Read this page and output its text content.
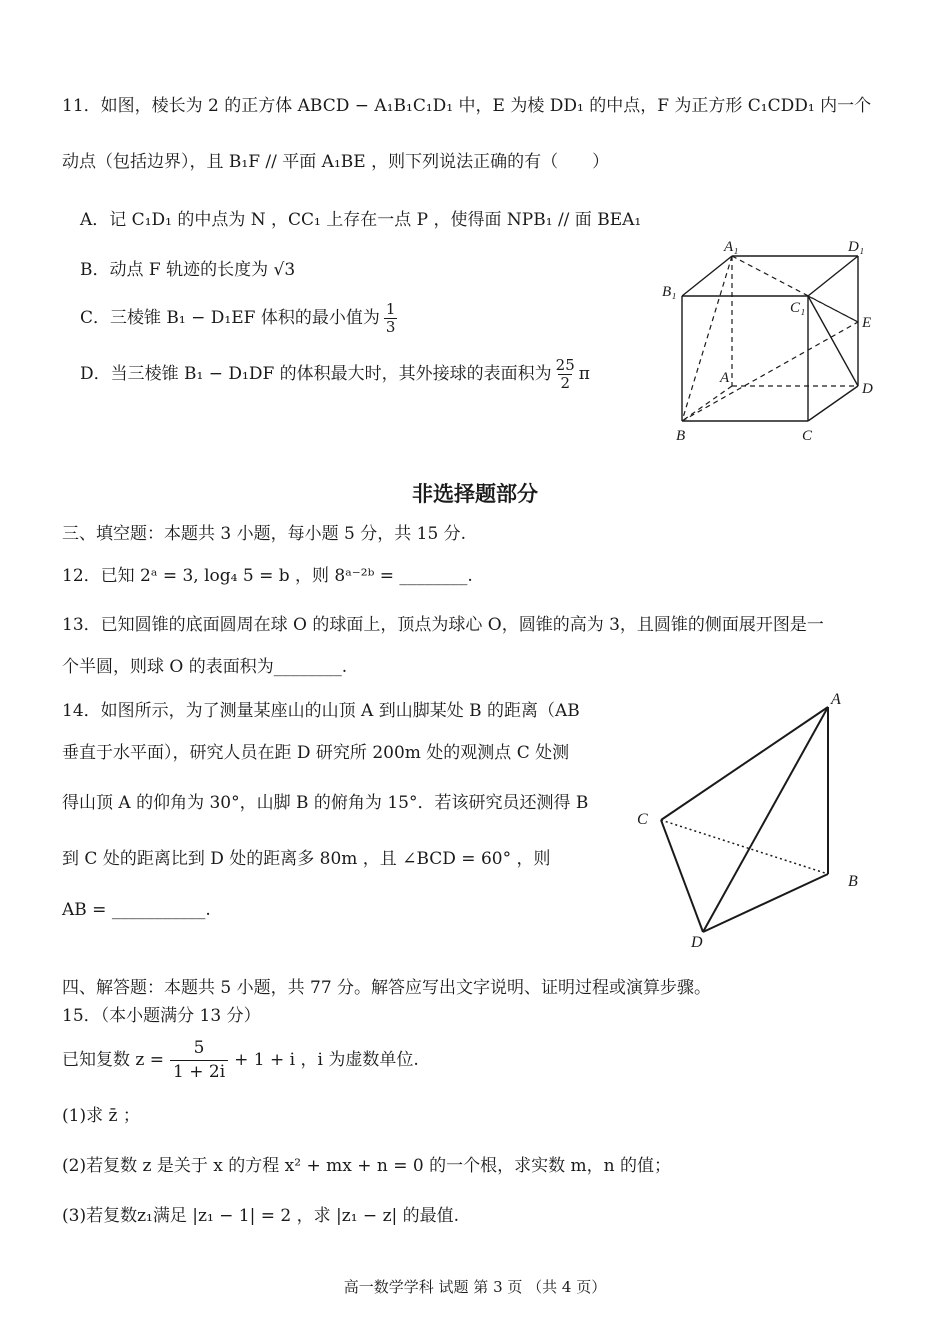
11．如图，棱长为 2 的正方体 ABCD − A₁B₁C₁D₁ 中，E 为棱 DD₁ 的中点，F 为正方形 C₁CDD₁ 内一个
动点（包括边界），且 B₁F // 平面 A₁BE ，则下列说法正确的有（　　）
A．记 C₁D₁ 的中点为 N ，CC₁ 上存在一点 P ，使得面 NPB₁ // 面 BEA₁
B．动点 F 轨迹的长度为 √3
C．三棱锥 B₁ − D₁EF 体积的最小值为 $\frac{1}{3}$
D．当三棱锥 B₁ − D₁DF 的体积最大时，其外接球的表面积为 $\frac{25}{2}$ π
A₁	D₁
B₁
C₁
E
A
D
B	C
非选择题部分
三、填空题：本题共 3 小题，每小题 5 分，共 15 分.
12．已知 2ᵃ = 3, log₄ 5 = b ，则 8ᵃ⁻²ᵇ = ________.
13．已知圆锥的底面圆周在球 O 的球面上，顶点为球心 O，圆锥的高为 3，且圆锥的侧面展开图是一
个半圆，则球 O 的表面积为________.
14．如图所示，为了测量某座山的山顶 A 到山脚某处 B 的距离（AB
垂直于水平面），研究人员在距 D 研究所 200m 处的观测点 C 处测
得山顶 A 的仰角为 30°，山脚 B 的俯角为 15°．若该研究员还测得 B
到 C 处的距离比到 D 处的距离多 80m ，且 ∠BCD = 60° ，则
AB = ___________.
A
C
B
D
四、解答题：本题共 5 小题，共 77 分。解答应写出文字说明、证明过程或演算步骤。
15．（本小题满分 13 分）
已知复数 $z = \frac{5}{1 + 2i} + 1 + i$ ，i 为虚数单位.
(1)求 z̄ ；
(2)若复数 z 是关于 x 的方程 x² + mx + n = 0 的一个根，求实数 m，n 的值；
(3)若复数z₁满足 |z₁ − 1| = 2 ，求 |z₁ − z| 的最值.
高一数学学科 试题 第 3 页 （共 4 页）
